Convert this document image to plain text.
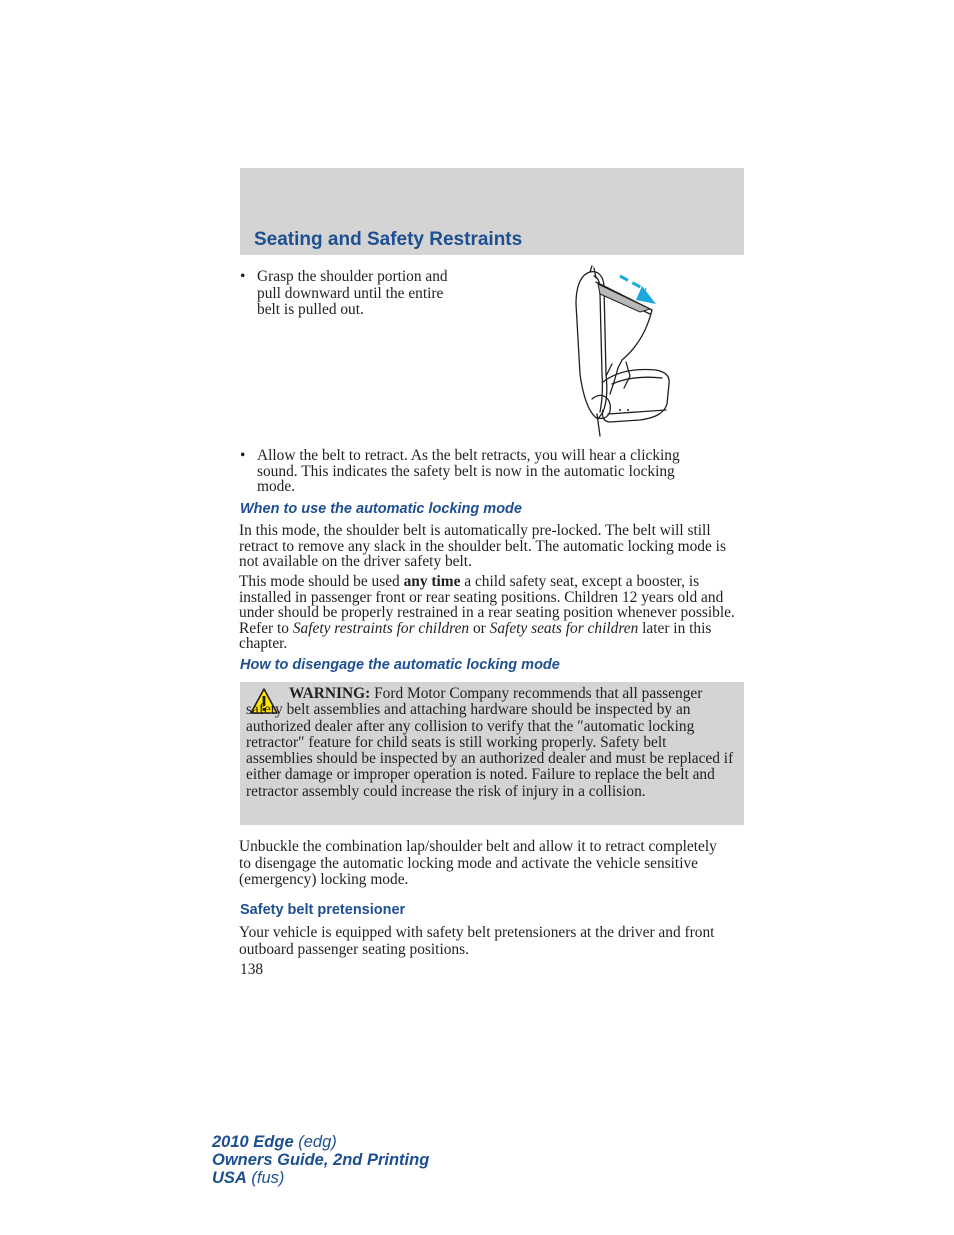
Seating and Safety Restraints
• Grasp the shoulder portion and
pull downward until the entire
belt is pulled out.
• Allow the belt to retract. As the belt retracts, you will hear a clicking
sound. This indicates the safety belt is now in the automatic locking
mode.
When to use the automatic locking mode

In this mode, the shoulder belt is automatically pre-locked. The belt will still retract to remove any slack in the shoulder belt. The automatic locking mode is not available on the driver safety belt.

This mode should be used any time a child safety seat, except a booster, is installed in passenger front or rear seating positions. Children 12 years old and under should be properly restrained in a rear seating position whenever possible. Refer to Safety restraints for children or Safety seats for children later in this chapter.

How to disengage the automatic locking mode

WARNING: Ford Motor Company recommends that all passenger safety belt assemblies and attaching hardware should be inspected by an authorized dealer after any collision to verify that the ″automatic locking retractor″ feature for child seats is still working properly. Safety belt assemblies should be inspected by an authorized dealer and must be replaced if either damage or improper operation is noted. Failure to replace the belt and retractor assembly could increase the risk of injury in a collision.

Unbuckle the combination lap/shoulder belt and allow it to retract completely to disengage the automatic locking mode and activate the vehicle sensitive (emergency) locking mode.

Safety belt pretensioner

Your vehicle is equipped with safety belt pretensioners at the driver and front outboard passenger seating positions.

138
2010 Edge (edg)
Owners Guide, 2nd Printing
USA (fus)
